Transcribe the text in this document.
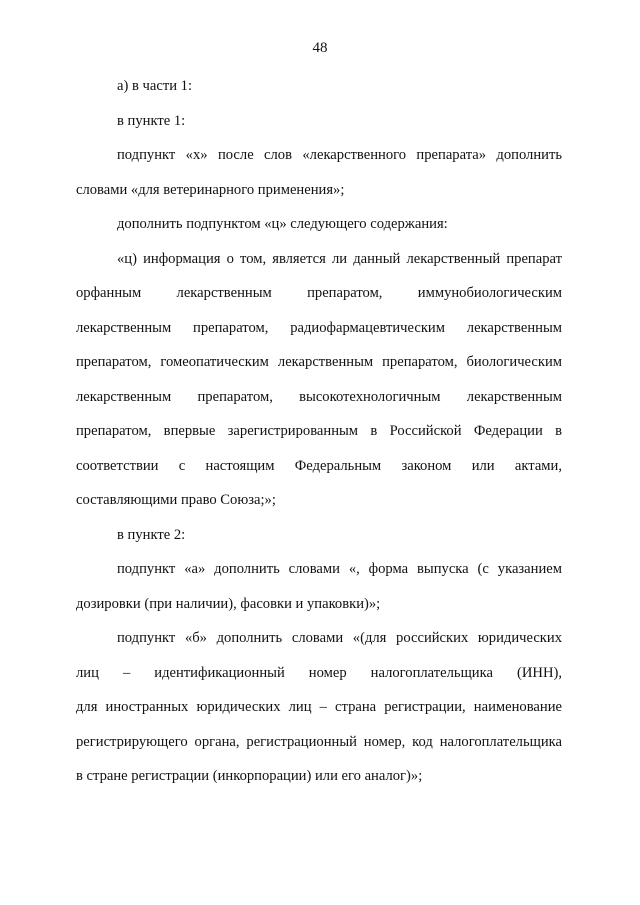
48
а) в части 1:
в пункте 1:
подпункт «х» после слов «лекарственного препарата» дополнить
словами «для ветеринарного применения»;
дополнить подпунктом «ц» следующего содержания:
«ц) информация о том, является ли данный лекарственный препарат
орфанным лекарственным препаратом, иммунобиологическим
лекарственным препаратом, радиофармацевтическим лекарственным
препаратом, гомеопатическим лекарственным препаратом, биологическим
лекарственным препаратом, высокотехнологичным лекарственным
препаратом, впервые зарегистрированным в Российской Федерации в
соответствии с настоящим Федеральным законом или актами,
составляющими право Союза;»;
в пункте 2:
подпункт «а» дополнить словами «, форма выпуска (с указанием
дозировки (при наличии), фасовки и упаковки)»;
подпункт «б» дополнить словами «(для российских юридических
лиц – идентификационный номер налогоплательщика (ИНН),
для иностранных юридических лиц – страна регистрации, наименование
регистрирующего органа, регистрационный номер, код налогоплательщика
в стране регистрации (инкорпорации) или его аналог)»;
